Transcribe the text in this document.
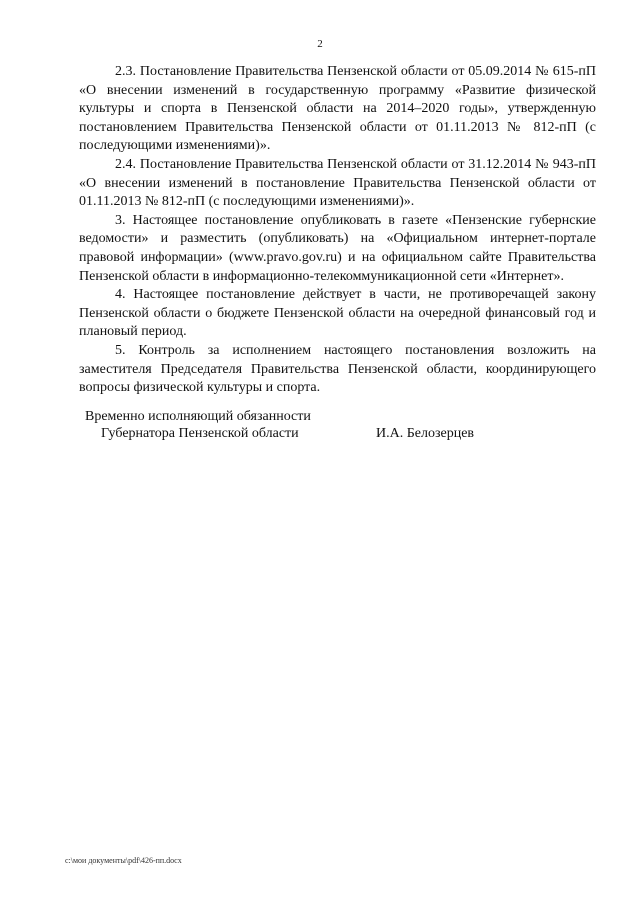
2

2.3. Постановление Правительства Пензенской области от 05.09.2014 № 615-пП «О внесении изменений в государственную программу «Развитие физической культуры и спорта в Пензенской области на 2014–2020 годы», утвержденную постановлением Правительства Пензенской области от 01.11.2013 № 812-пП (с последующими изменениями)».

2.4. Постановление Правительства Пензенской области от 31.12.2014 № 943-пП «О внесении изменений в постановление Правительства Пензенской области от 01.11.2013 № 812-пП (с последующими изменениями)».

3. Настоящее постановление опубликовать в газете «Пензенские губернские ведомости» и разместить (опубликовать) на «Официальном интернет-портале правовой информации» (www.pravo.gov.ru) и на официальном сайте Правительства Пензенской области в информационно-телекоммуникационной сети «Интернет».

4. Настоящее постановление действует в части, не противоречащей закону Пензенской области о бюджете Пензенской области на очередной финансовый год и плановый период.

5. Контроль за исполнением настоящего постановления возложить на заместителя Председателя Правительства Пензенской области, координирующего вопросы физической культуры и спорта.

Временно исполняющий обязанности

Губернатора Пензенской области	И.А. Белозерцев
c:\мои документы\pdf\426-пп.docx
